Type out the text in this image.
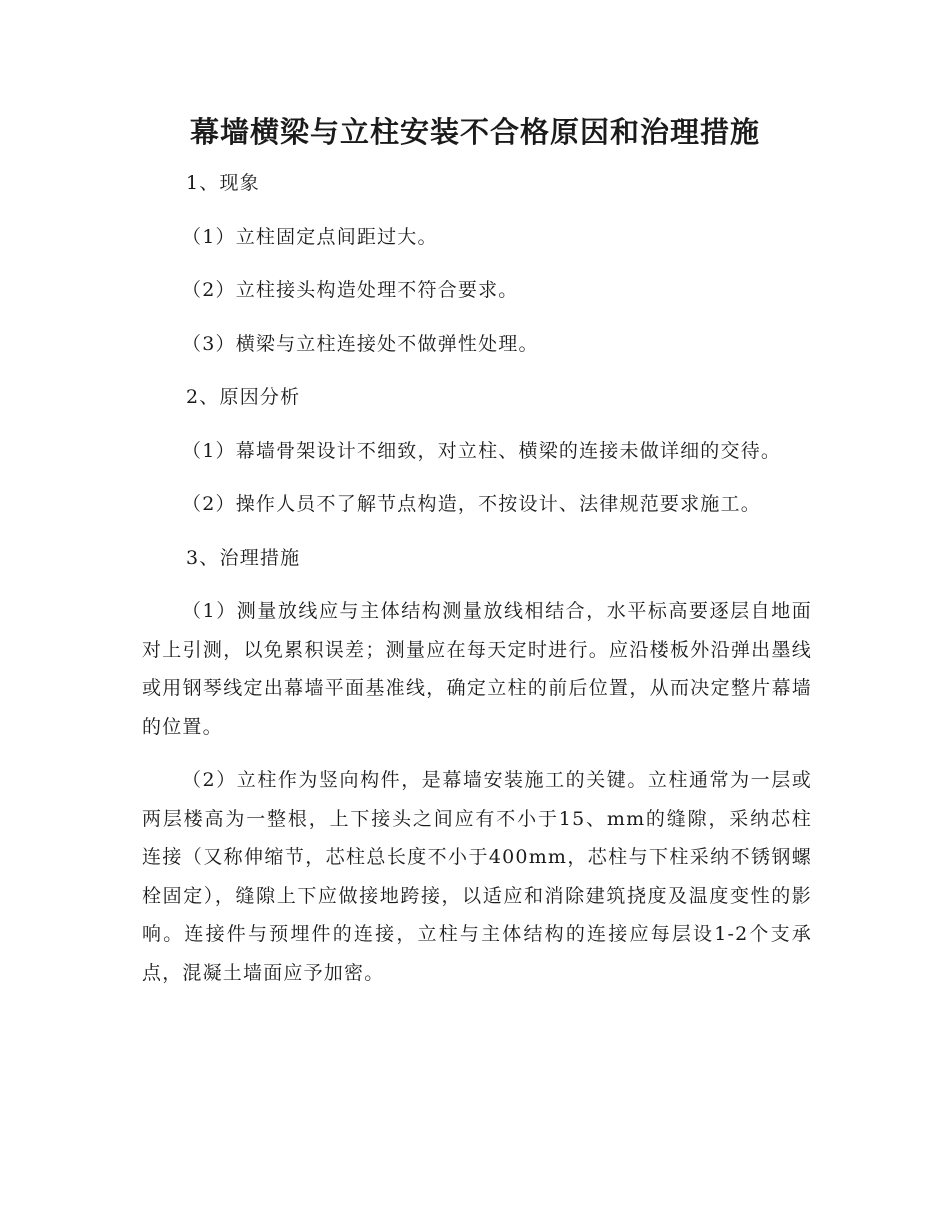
幕墙横梁与立柱安装不合格原因和治理措施

1、现象

（1）立柱固定点间距过大。

（2）立柱接头构造处理不符合要求。

（3）横梁与立柱连接处不做弹性处理。

2、原因分析

（1）幕墙骨架设计不细致，对立柱、横梁的连接未做详细的交待。

（2）操作人员不了解节点构造，不按设计、法律规范要求施工。

3、治理措施

（1）测量放线应与主体结构测量放线相结合，水平标高要逐层自地面对上引测，以免累积误差；测量应在每天定时进行。应沿楼板外沿弹出墨线或用钢琴线定出幕墙平面基准线，确定立柱的前后位置，从而决定整片幕墙的位置。

（2）立柱作为竖向构件，是幕墙安装施工的关键。立柱通常为一层或两层楼高为一整根，上下接头之间应有不小于15、mm的缝隙，采纳芯柱连接（又称伸缩节，芯柱总长度不小于400mm，芯柱与下柱采纳不锈钢螺栓固定），缝隙上下应做接地跨接，以适应和消除建筑挠度及温度变性的影响。连接件与预埋件的连接，立柱与主体结构的连接应每层设1-2个支承点，混凝土墙面应予加密。
